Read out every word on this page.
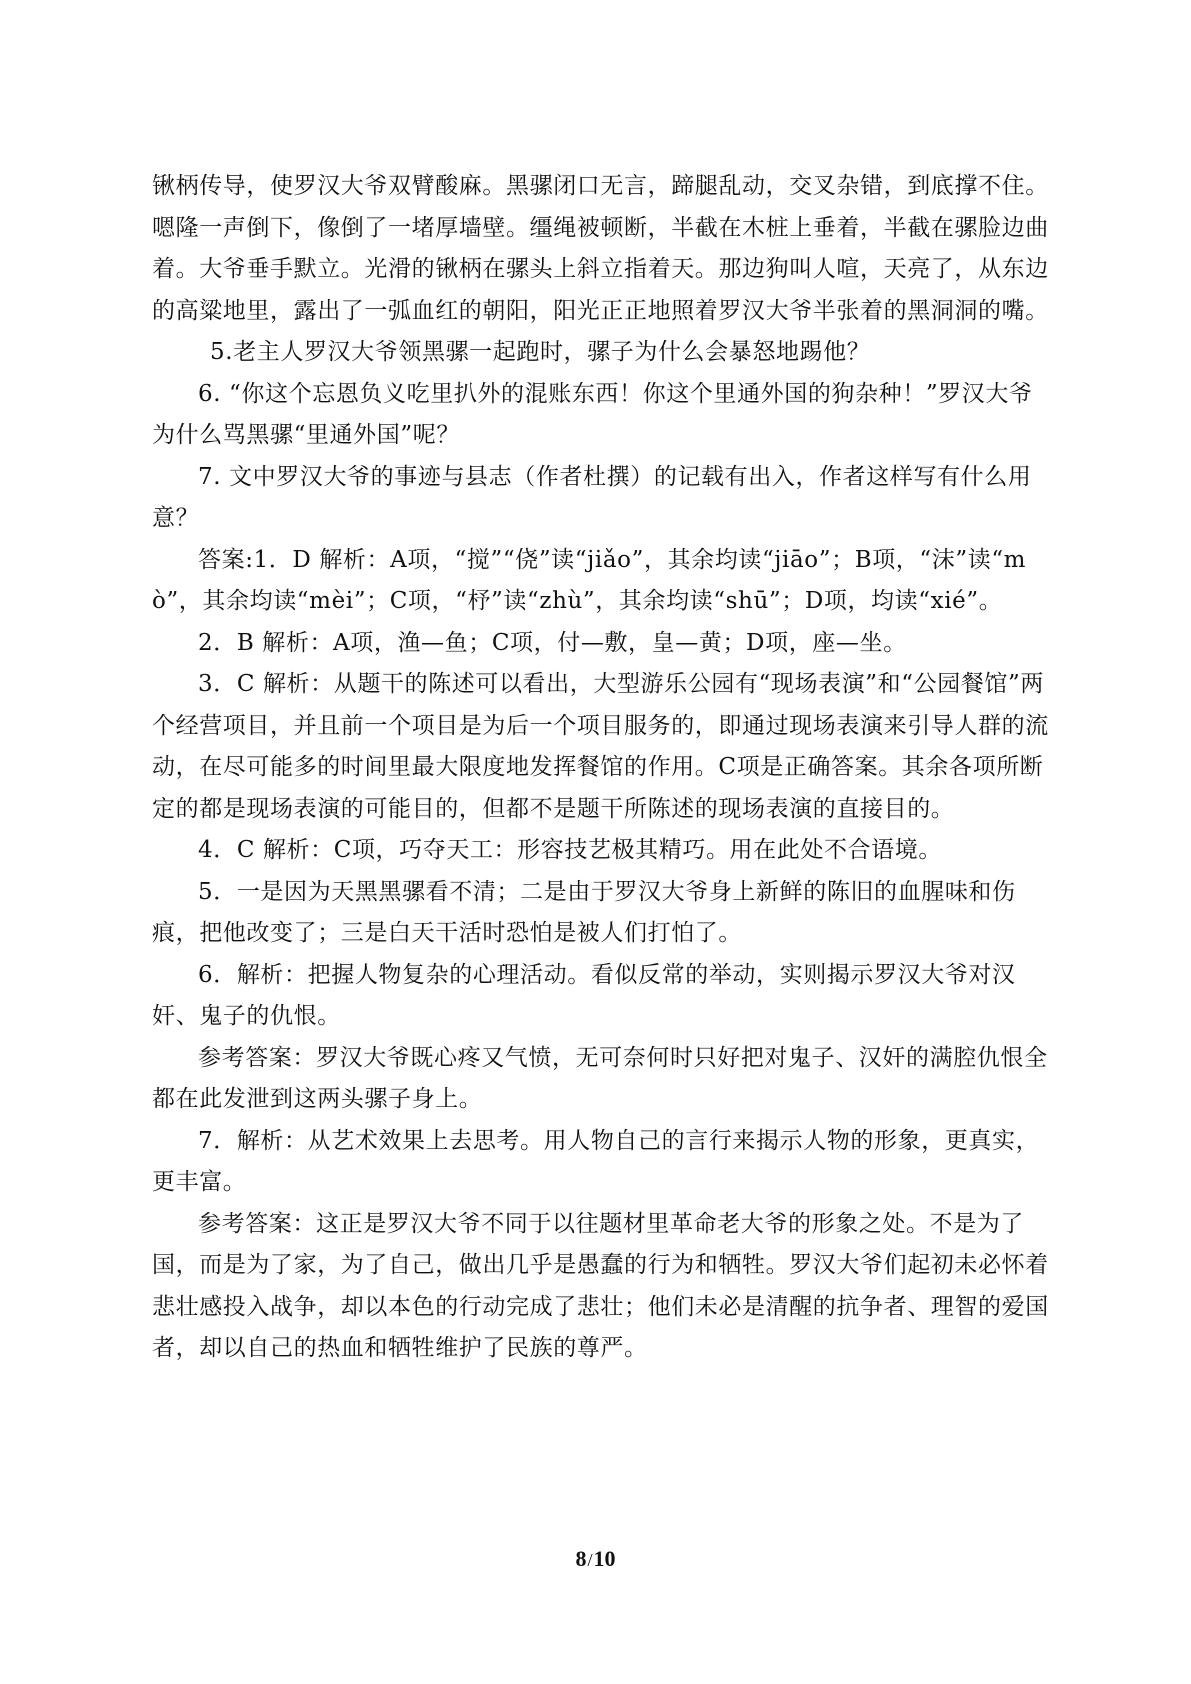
锹柄传导，使罗汉大爷双臂酸麻。黑骡闭口无言，蹄腿乱动，交叉杂错，到底撑不住。嗯隆一声倒下，像倒了一堵厚墙壁。缰绳被顿断，半截在木桩上垂着，半截在骡脸边曲着。大爷垂手默立。光滑的锹柄在骡头上斜立指着天。那边狗叫人喧，天亮了，从东边的高粱地里，露出了一弧血红的朝阳，阳光正正地照着罗汉大爷半张着的黑洞洞的嘴。

5.老主人罗汉大爷领黑骡一起跑时，骡子为什么会暴怒地踢他？

6. “你这个忘恩负义吃里扒外的混账东西！你这个里通外国的狗杂种！”罗汉大爷为什么骂黑骡“里通外国”呢？

7. 文中罗汉大爷的事迹与县志（作者杜撰）的记载有出入，作者这样写有什么用意？

答案:1．D 解析：A项，“搅”“侥”读“jiǎo”，其余均读“jiāo”；B项，“沫”读“mò”，其余均读“mèi”；C项，“杼”读“zhù”，其余均读“shū”；D项，均读“xié”。

2．B 解析：A项，渔—鱼；C项，付—敷，皇—黄；D项，座—坐。

3．C 解析：从题干的陈述可以看出，大型游乐公园有“现场表演”和“公园餐馆”两个经营项目，并且前一个项目是为后一个项目服务的，即通过现场表演来引导人群的流动，在尽可能多的时间里最大限度地发挥餐馆的作用。C项是正确答案。其余各项所断定的都是现场表演的可能目的，但都不是题干所陈述的现场表演的直接目的。

4．C 解析：C项，巧夺天工：形容技艺极其精巧。用在此处不合语境。

5．一是因为天黑黑骡看不清；二是由于罗汉大爷身上新鲜的陈旧的血腥味和伤痕，把他改变了；三是白天干活时恐怕是被人们打怕了。

6．解析：把握人物复杂的心理活动。看似反常的举动，实则揭示罗汉大爷对汉奸、鬼子的仇恨。

参考答案：罗汉大爷既心疼又气愤，无可奈何时只好把对鬼子、汉奸的满腔仇恨全都在此发泄到这两头骡子身上。

7．解析：从艺术效果上去思考。用人物自己的言行来揭示人物的形象，更真实，更丰富。

参考答案：这正是罗汉大爷不同于以往题材里革命老大爷的形象之处。不是为了国，而是为了家，为了自己，做出几乎是愚蠢的行为和牺牲。罗汉大爷们起初未必怀着悲壮感投入战争，却以本色的行动完成了悲壮；他们未必是清醒的抗争者、理智的爱国者，却以自己的热血和牺牲维护了民族的尊严。

8/10
